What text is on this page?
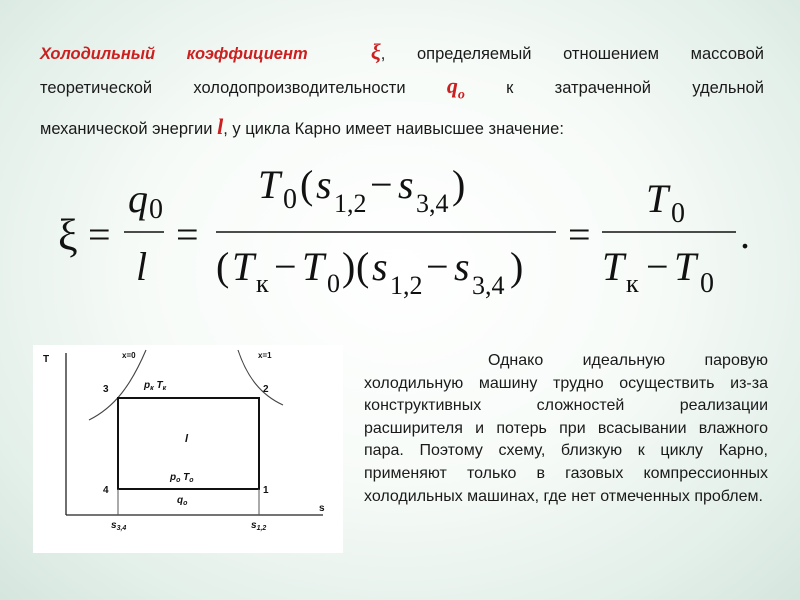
Холодильный коэффициент	ξ, определяемый отношением массовой
теоретической холодопроизводительности $q_о$	к затраченной удельной
механической энергии l, у цикла Карно имеет наивысшее значение:
ξ =
q 0
l
=
T 0 ( s 1,2 − s 3,4 )
( T к − T 0 ) ( s 1,2 − s 3,4 )
=
T 0
T к − T 0
.
T
s
x=0	x=1
3	2
4	1
$p_к$ $T_к$
l
$p_о$ $T_о$
$q_о$
$s_{3,4}$	$s_{1,2}$

Однако идеальную паровую холодильную машину трудно осуществить из-за конструктивных сложностей реализации расширителя и потерь при всасывании влажного пара. Поэтому схему, близкую к циклу Карно, применяют только в газовых компрессионных холодильных машинах, где нет отмеченных проблем.
